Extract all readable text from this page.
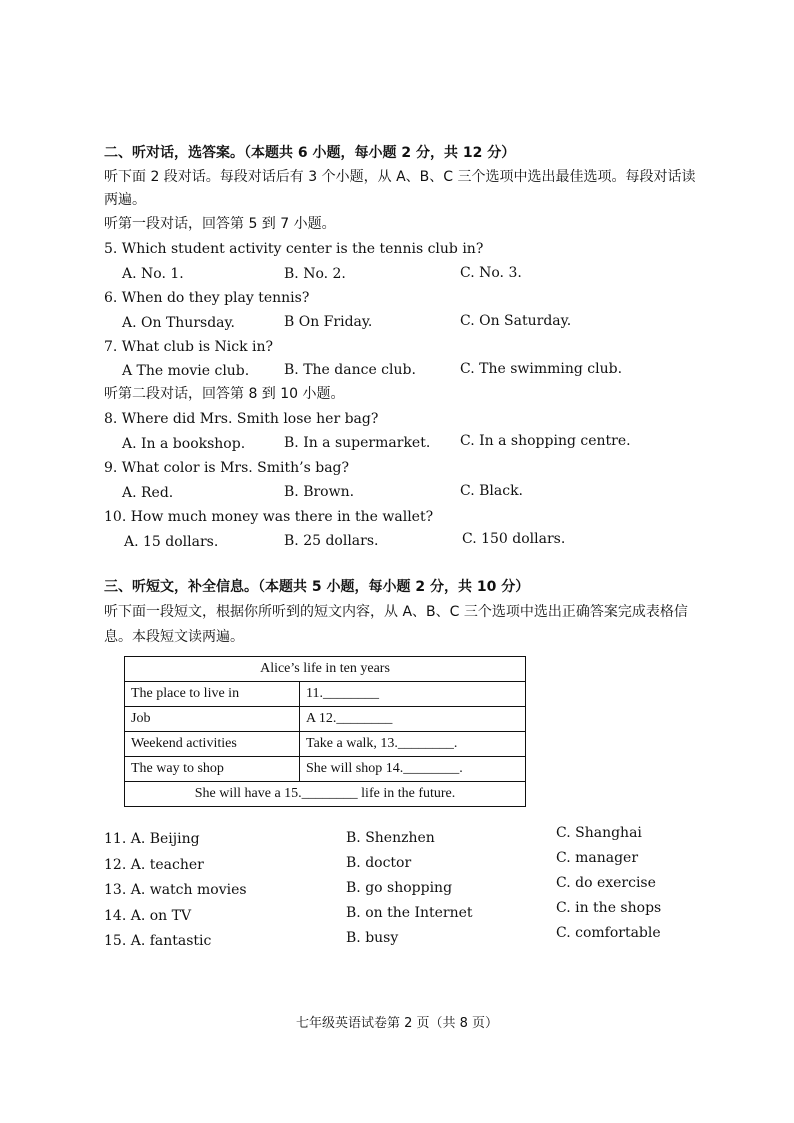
二、听对话，选答案。（本题共 6 小题，每小题 2 分，共 12 分）
听下面 2 段对话。每段对话后有 3 个小题，从 A、B、C 三个选项中选出最佳选项。每段对话读
两遍。
听第一段对话，回答第 5 到 7 小题。
5. Which student activity center is the tennis club in?
A. No. 1.	B. No. 2.	C. No. 3.
6. When do they play tennis?
A. On Thursday.	B On Friday.	C. On Saturday.
7. What club is Nick in?
A The movie club. B. The dance club.	C. The swimming club.
听第二段对话，回答第 8 到 10 小题。
8. Where did Mrs. Smith lose her bag?
A. In a bookshop.	B. In a supermarket. C. In a shopping centre.
9. What color is Mrs. Smith’s bag?
A. Red.	B. Brown.	C. Black.
10. How much money was there in the wallet?
A. 15 dollars.	B. 25 dollars.	C. 150 dollars.
三、听短文，补全信息。（本题共 5 小题，每小题 2 分，共 10 分）
听下面一段短文，根据你所听到的短文内容，从 A、B、C 三个选项中选出正确答案完成表格信
息。本段短文读两遍。
Alice’s life in ten years	
The place to live in	11.________
Job	A 12.________
Weekend activities	Take a walk, 13.________.
The way to shop	She will shop 14.________.
She will have a 15.________ life in the future.	
11. A. Beijing	B. Shenzhen	C. Shanghai
12. A. teacher	B. doctor	C. manager
13. A. watch movies	B. go shopping	C. do exercise
14. A. on TV	B. on the Internet	C. in the shops
15. A. fantastic	B. busy	C. comfortable
七年级英语试卷第 2 页（共 8 页）
